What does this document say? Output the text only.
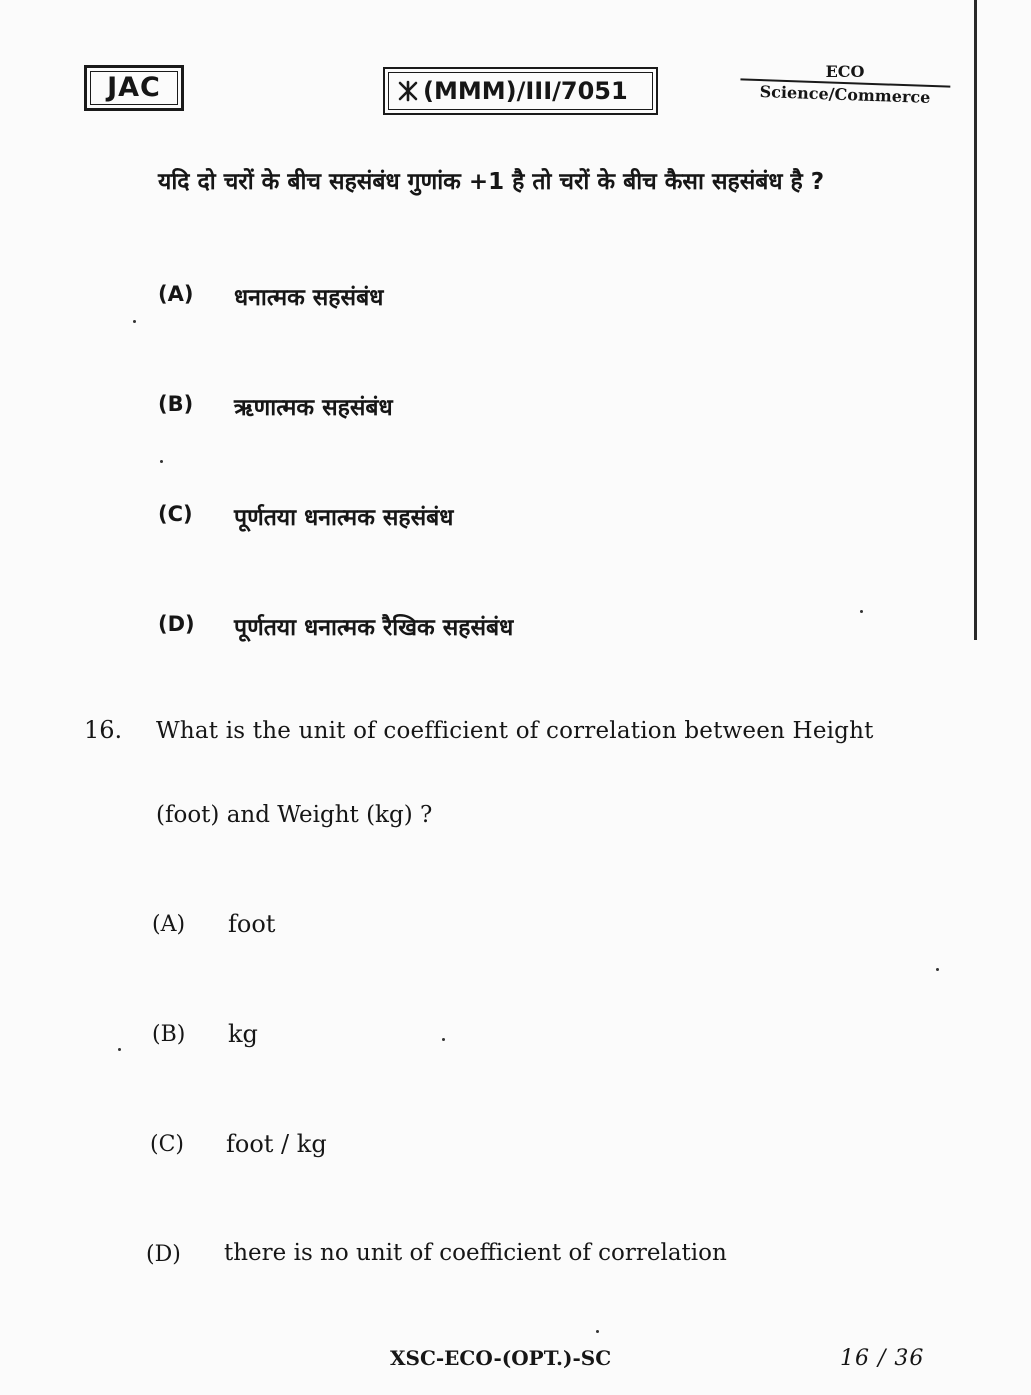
JAC	(MMM)/III/7051
ECO
Science/Commerce
यदि दो चरों के बीच सहसंबंध गुणांक +1 है तो चरों के बीच कैसा सहसंबंध है ?
(A) धनात्मक सहसंबंध
(B) ऋणात्मक सहसंबंध
(C) पूर्णतया धनात्मक सहसंबंध
(D) पूर्णतया धनात्मक रैखिक सहसंबंध
16. What is the unit of coefficient of correlation between Height
(foot) and Weight (kg) ?
(A) foot
(B) kg
(C) foot / kg
(D) there is no unit of coefficient of correlation
XSC-ECO-(OPT.)-SC	16 / 36
